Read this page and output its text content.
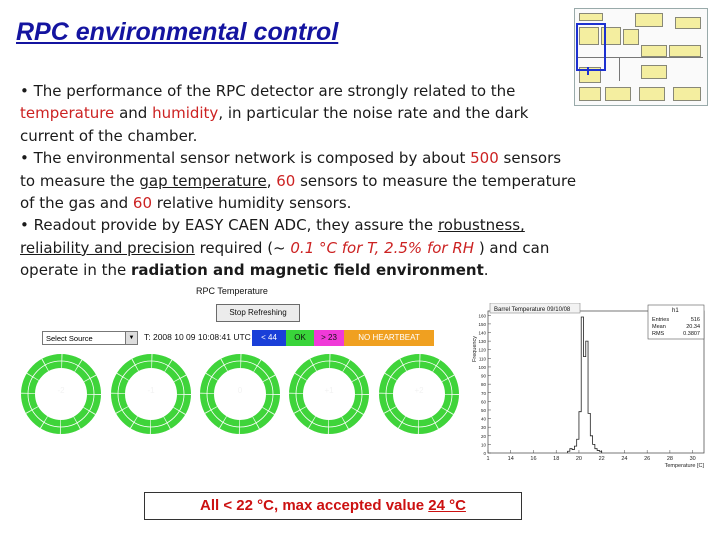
RPC environmental control
• The performance of the RPC detector are strongly related to the temperature and humidity, in particular the noise rate and the dark current of the chamber.
• The environmental sensor network is composed by about 500 sensors to measure the gap temperature, 60 sensors to measure the temperature of the gas and 60 relative humidity sensors.
• Readout provide by EASY CAEN ADC, they assure the robustness, reliability and precision required (~ 0.1 °C for T, 2.5% for RH ) and can operate in the radiation and magnetic field environment.
RPC Temperature
Stop Refreshing
Select Source	▼ T: 2008 10 09 10:08:41 UTC	< 44	OK	> 23	NO HEARTBEAT
-2	-1	0	+1	+2
Barrel Temperature 09/10/08	h1
Entries	516
Mean	20.34
RMS	0.3807
0
10
20
30
40
50
60
70
80
90
100
110
120
130
140
150
160
1	14	16	18	20	22	24	26	28	30
Temperature [C]
Frequency
All < 22 °C, max accepted value 24 °C
